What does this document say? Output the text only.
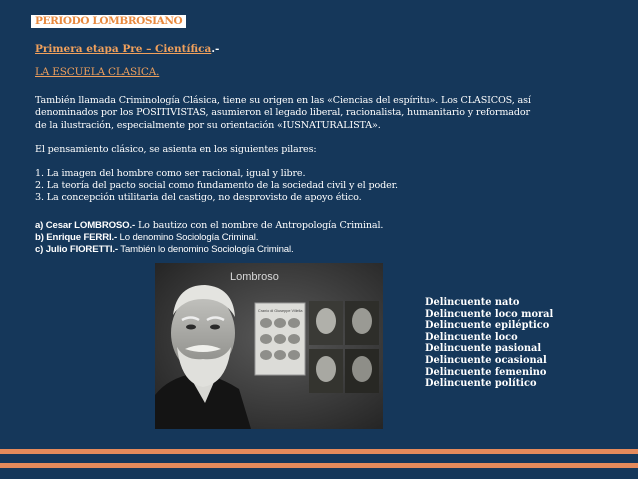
PERIODO LOMBROSIANO
Primera etapa Pre – Científica.-
LA ESCUELA CLASICA.
También llamada Criminología Clásica, tiene su origen en las «Ciencias del espíritu». Los CLASICOS, así
denominados por los POSITIVISTAS, asumieron el legado liberal, racionalista, humanitario y reformador
de la ilustración, especialmente por su orientación «IUSNATURALISTA».
El pensamiento clásico, se asienta en los siguientes pilares:
1. La imagen del hombre como ser racional, igual y libre.
2. La teoría del pacto social como fundamento de la sociedad civil y el poder.
3. La concepción utilitaria del castigo, no desprovisto de apoyo ético.
a) Cesar LOMBROSO.- Lo bautizo con el nombre de Antropología Criminal.
b) Enrique FERRI.- Lo denomino Sociología Criminal.
c) Julio FIORETTI.- También lo denomino Sociología Criminal.
Lombroso
Cranio di Giuseppe Villella
Delincuente nato
Delincuente loco moral
Delincuente epiléptico
Delincuente loco
Delincuente pasional
Delincuente ocasional
Delincuente femenino
Delincuente político
